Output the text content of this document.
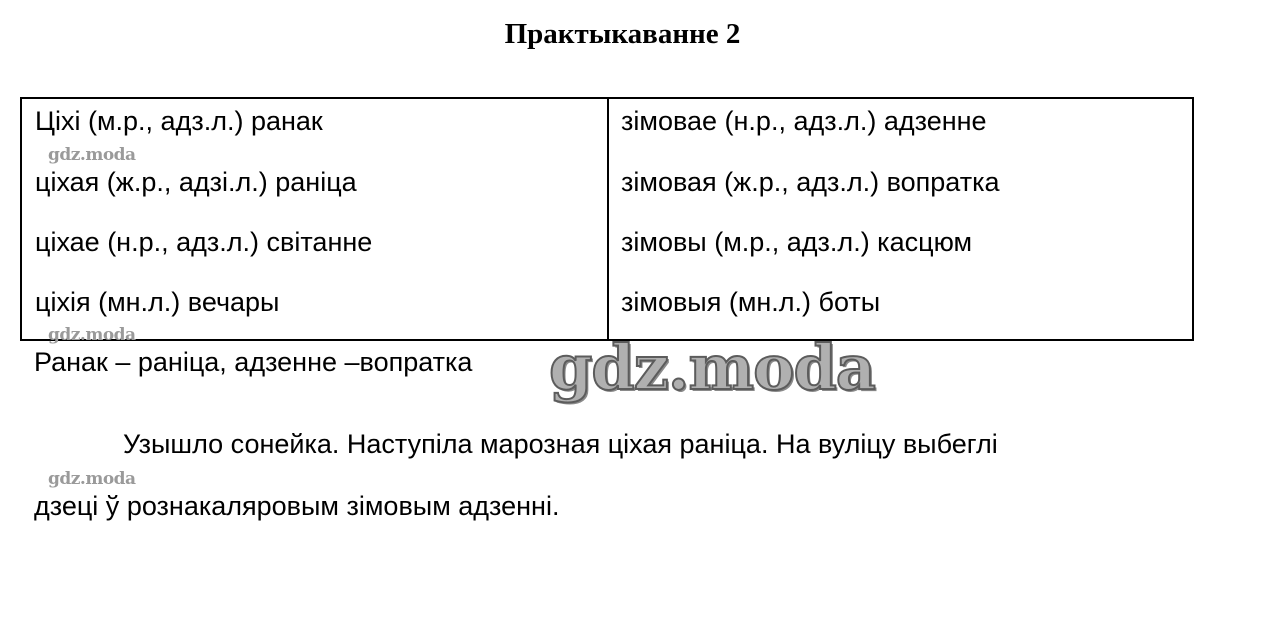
Практыкаванне 2
Ціхі (м.р., адз.л.) ранак
ціхая (ж.р., адзі.л.) раніца
ціхае (н.р., адз.л.) світанне
ціхія (мн.л.) вечары
зімовае (н.р., адз.л.) адзенне
зімовая (ж.р., адз.л.) вопратка
зімовы (м.р., адз.л.) касцюм
зімовыя (мн.л.) боты
Ранак – раніца, адзенне –вопратка
Узышло сонейка. Наступіла марозная ціхая раніца. На вуліцу выбеглі
дзеці ў рознакаляровым зімовым адзенні.
gdz.moda
gdz.moda
gdz.moda
gdz.moda
